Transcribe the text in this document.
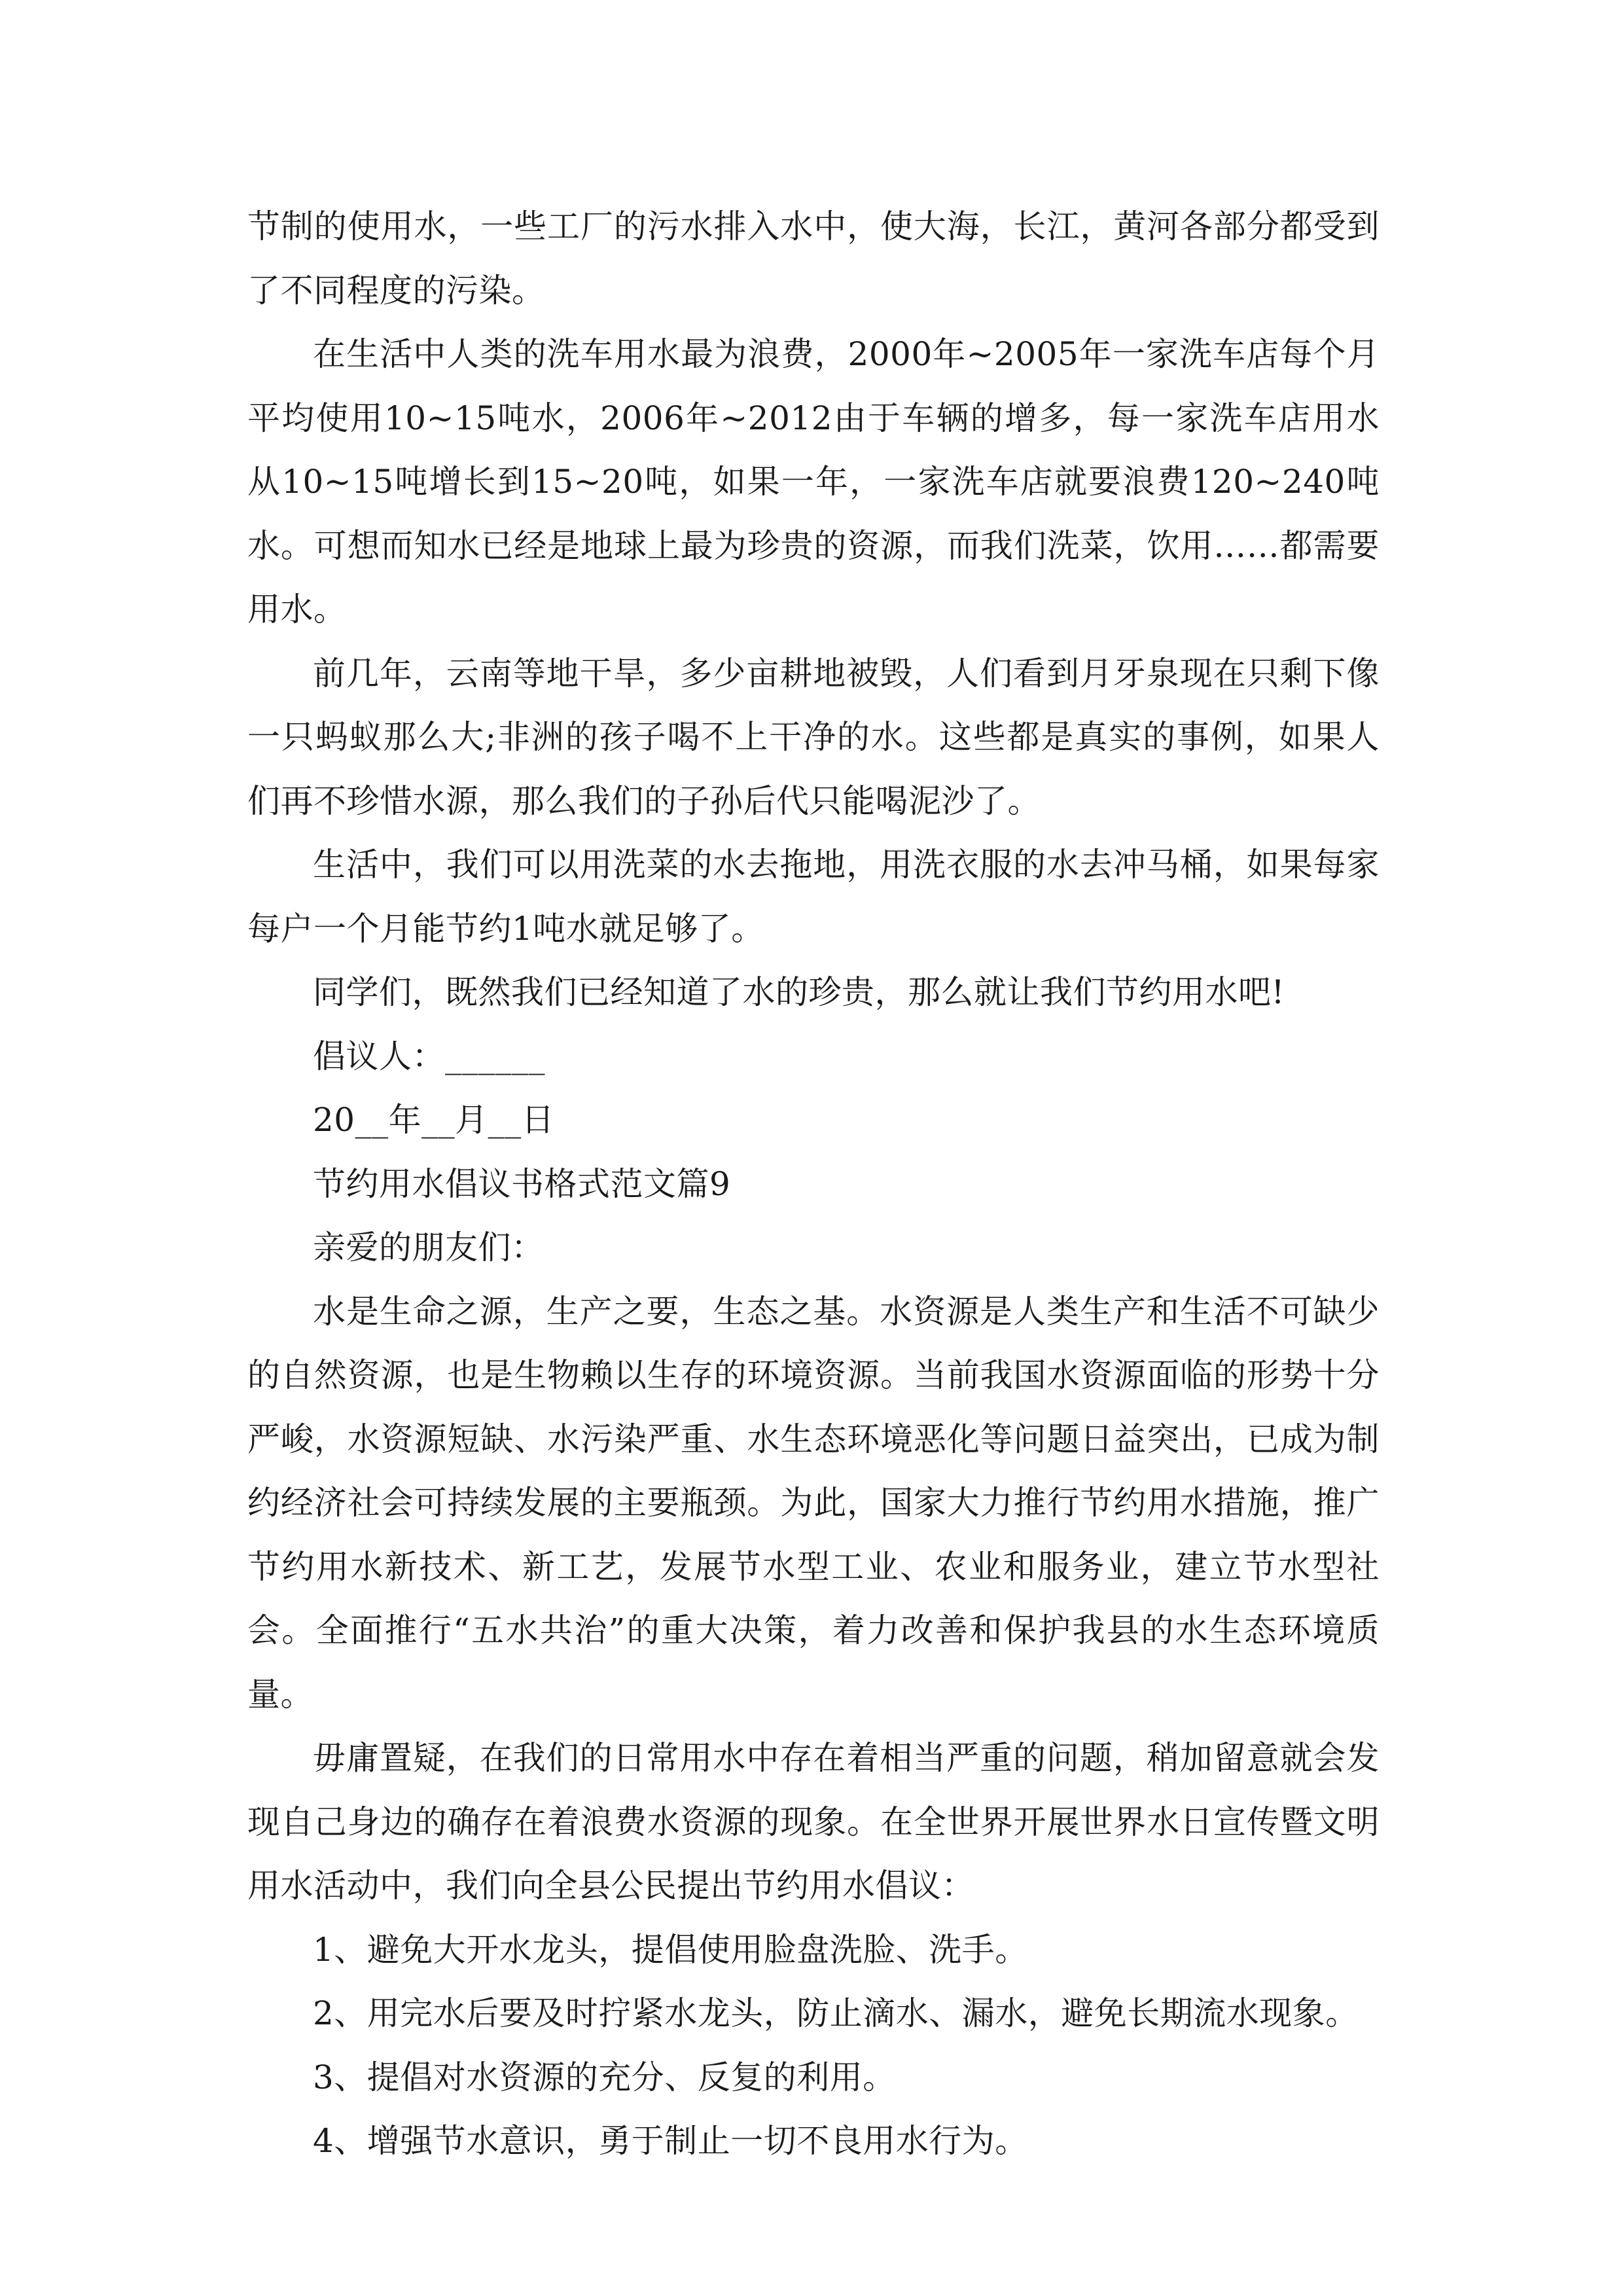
节制的使用水，一些工厂的污水排入水中，使大海，长江，黄河各部分都受到了不同程度的污染。

在生活中人类的洗车用水最为浪费，2000年~2005年一家洗车店每个月平均使用10~15吨水，2006年~2012由于车辆的增多，每一家洗车店用水从10~15吨增长到15~20吨，如果一年，一家洗车店就要浪费120~240吨水。可想而知水已经是地球上最为珍贵的资源，而我们洗菜，饮用……都需要用水。

前几年，云南等地干旱，多少亩耕地被毁，人们看到月牙泉现在只剩下像一只蚂蚁那么大;非洲的孩子喝不上干净的水。这些都是真实的事例，如果人们再不珍惜水源，那么我们的子孙后代只能喝泥沙了。

生活中，我们可以用洗菜的水去拖地，用洗衣服的水去冲马桶，如果每家每户一个月能节约1吨水就足够了。

同学们，既然我们已经知道了水的珍贵，那么就让我们节约用水吧!

倡议人：______

20__年__月__日

节约用水倡议书格式范文篇9

亲爱的朋友们：

水是生命之源，生产之要，生态之基。水资源是人类生产和生活不可缺少的自然资源，也是生物赖以生存的环境资源。当前我国水资源面临的形势十分严峻，水资源短缺、水污染严重、水生态环境恶化等问题日益突出，已成为制约经济社会可持续发展的主要瓶颈。为此，国家大力推行节约用水措施，推广节约用水新技术、新工艺，发展节水型工业、农业和服务业，建立节水型社会。全面推行“五水共治”的重大决策，着力改善和保护我县的水生态环境质量。

毋庸置疑，在我们的日常用水中存在着相当严重的问题，稍加留意就会发现自己身边的确存在着浪费水资源的现象。在全世界开展世界水日宣传暨文明用水活动中，我们向全县公民提出节约用水倡议：

1、避免大开水龙头，提倡使用脸盘洗脸、洗手。

2、用完水后要及时拧紧水龙头，防止滴水、漏水，避免长期流水现象。

3、提倡对水资源的充分、反复的利用。

4、增强节水意识，勇于制止一切不良用水行为。
